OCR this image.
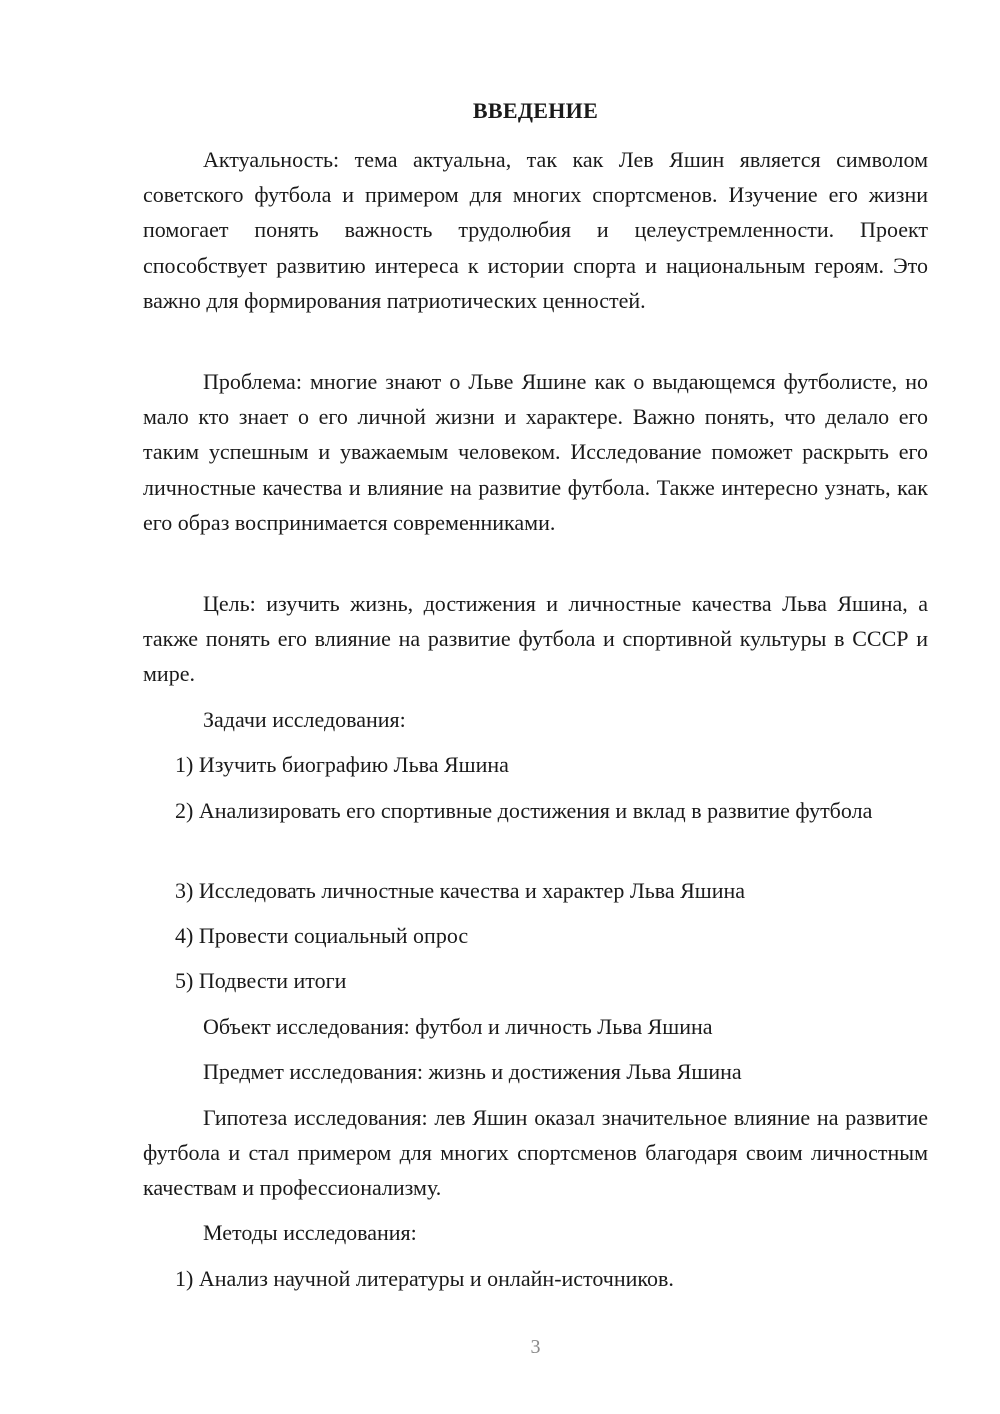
ВВЕДЕНИЕ

Актуальность: тема актуальна, так как Лев Яшин является символом советского футбола и примером для многих спортсменов. Изучение его жизни помогает понять важность трудолюбия и целеустремленности. Проект способствует развитию интереса к истории спорта и национальным героям. Это важно для формирования патриотических ценностей.

Проблема: многие знают о Льве Яшине как о выдающемся футболисте, но мало кто знает о его личной жизни и характере. Важно понять, что делало его таким успешным и уважаемым человеком. Исследование поможет раскрыть его личностные качества и влияние на развитие футбола. Также интересно узнать, как его образ воспринимается современниками.

Цель: изучить жизнь, достижения и личностные качества Льва Яшина, а также понять его влияние на развитие футбола и спортивной культуры в СССР и мире.

Задачи исследования:

1) Изучить биографию Льва Яшина

2) Анализировать его спортивные достижения и вклад в развитие футбола

3) Исследовать личностные качества и характер Льва Яшина

4) Провести социальный опрос

5) Подвести итоги

Объект исследования: футбол и личность Льва Яшина

Предмет исследования: жизнь и достижения Льва Яшина

Гипотеза исследования: лев Яшин оказал значительное влияние на развитие футбола и стал примером для многих спортсменов благодаря своим личностным качествам и профессионализму.

Методы исследования:

1) Анализ научной литературы и онлайн-источников.

3
